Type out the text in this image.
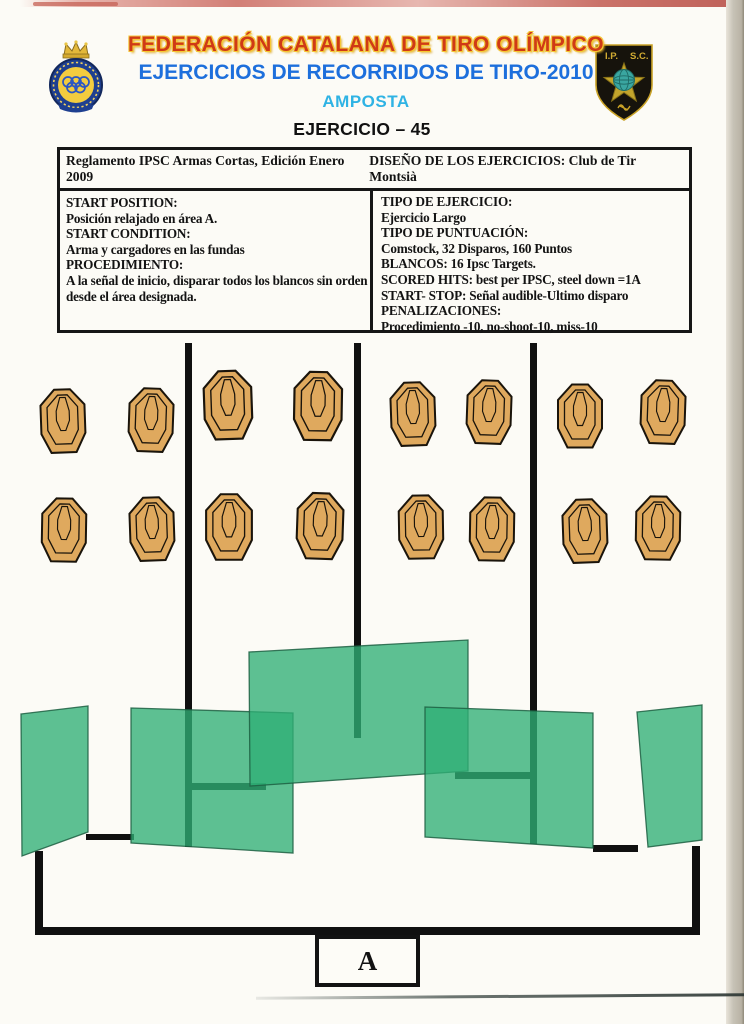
I.P. S.C.
FEDERACIÓN CATALANA DE TIRO OLÍMPICO
EJERCICIOS DE RECORRIDOS DE TIRO-2010
AMPOSTA
EJERCICIO – 45
Reglamento IPSC Armas Cortas, Edición Enero 2009
DISEÑO DE LOS EJERCICIOS: Club de Tir Montsià
START POSITION:
Posición relajado en área A.
START CONDITION:
Arma y cargadores en las fundas
PROCEDIMIENTO:
A la señal de inicio, disparar todos los blancos sin orden
desde el área designada.
TIPO DE EJERCICIO:
Ejercicio Largo
TIPO DE PUNTUACIÓN:
Comstock, 32 Disparos, 160 Puntos
BLANCOS: 16 Ipsc Targets.
SCORED HITS: best per IPSC, steel down =1A
START- STOP: Señal audible-Ultimo disparo
PENALIZACIONES:
Procedimiento -10, no-shoot-10, miss-10
A
